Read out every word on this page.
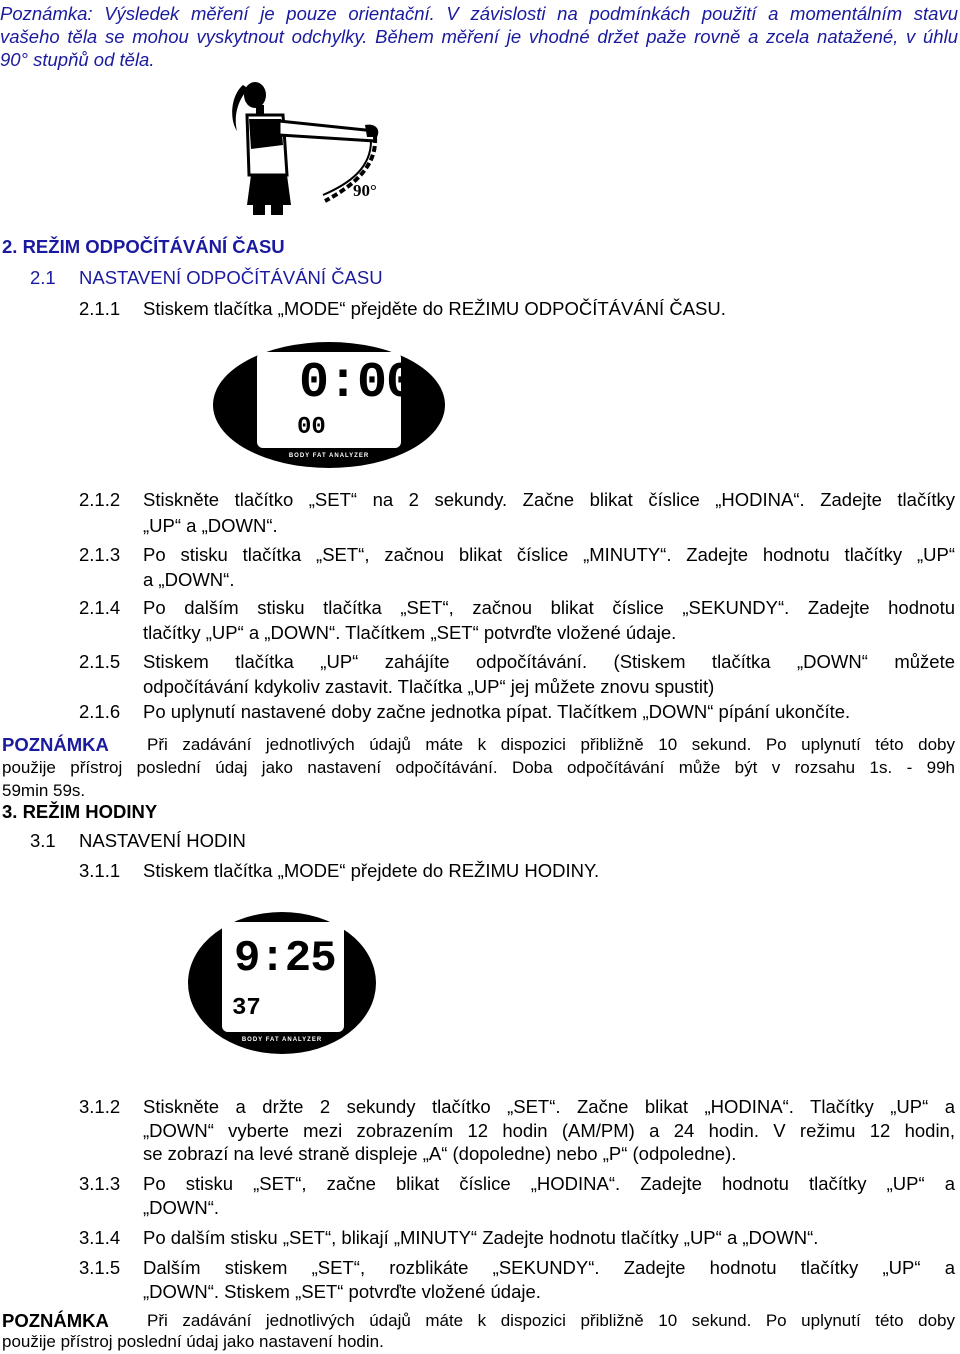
Poznámka: Výsledek měření je pouze orientační. V závislosti na podmínkách použití a momentálním stavu
vašeho těla se mohou vyskytnout odchylky. Během měření je vhodné držet paže rovně a zcela natažené, v úhlu
90° stupňů od těla.
90°
2. REŽIM ODPOČÍTÁVÁNÍ ČASU
2.1 NASTAVENÍ ODPOČÍTÁVÁNÍ ČASU
2.1.1 Stiskem tlačítka „MODE“ přejděte do REŽIMU ODPOČÍTÁVÁNÍ ČASU.
0:00
00
BODY FAT ANALYZER
2.1.2 Stiskněte tlačítko „SET“ na 2 sekundy. Začne blikat číslice „HODINA“. Zadejte tlačítky
„UP“ a „DOWN“.
2.1.3 Po stisku tlačítka „SET“, začnou blikat číslice „MINUTY“. Zadejte hodnotu tlačítky „UP“
a „DOWN“.
2.1.4 Po dalším stisku tlačítka „SET“, začnou blikat číslice „SEKUNDY“. Zadejte hodnotu
tlačítky „UP“ a „DOWN“. Tlačítkem „SET“ potvrďte vložené údaje.
2.1.5 Stiskem tlačítka „UP“ zahájíte odpočítávání. (Stiskem tlačítka „DOWN“ můžete
odpočítávání kdykoliv zastavit. Tlačítka „UP“ jej můžete znovu spustit)
2.1.6 Po uplynutí nastavené doby začne jednotka pípat. Tlačítkem „DOWN“ pípání ukončíte.
POZNÁMKA Při zadávání jednotlivých údajů máte k dispozici přibližně 10 sekund. Po uplynutí této doby
použije přístroj poslední údaj jako nastavení odpočítávání. Doba odpočítávání může být v rozsahu 1s. - 99h
59min 59s.
3. REŽIM HODINY
3.1 NASTAVENÍ HODIN
3.1.1 Stiskem tlačítka „MODE“ přejdete do REŽIMU HODINY.
9:25
37
BODY FAT ANALYZER
3.1.2 Stiskněte a držte 2 sekundy tlačítko „SET“. Začne blikat „HODINA“. Tlačítky „UP“ a
„DOWN“ vyberte mezi zobrazením 12 hodin (AM/PM) a 24 hodin. V režimu 12 hodin,
se zobrazí na levé straně displeje „A“ (dopoledne) nebo „P“ (odpoledne).
3.1.3 Po stisku „SET“, začne blikat číslice „HODINA“. Zadejte hodnotu tlačítky „UP“ a
„DOWN“.
3.1.4 Po dalším stisku „SET“, blikají „MINUTY“ Zadejte hodnotu tlačítky „UP“ a „DOWN“.
3.1.5 Dalším stiskem „SET“, rozblikáte „SEKUNDY“. Zadejte hodnotu tlačítky „UP“ a
„DOWN“. Stiskem „SET“ potvrďte vložené údaje.
POZNÁMKA Při zadávání jednotlivých údajů máte k dispozici přibližně 10 sekund. Po uplynutí této doby
použije přístroj poslední údaj jako nastavení hodin.
